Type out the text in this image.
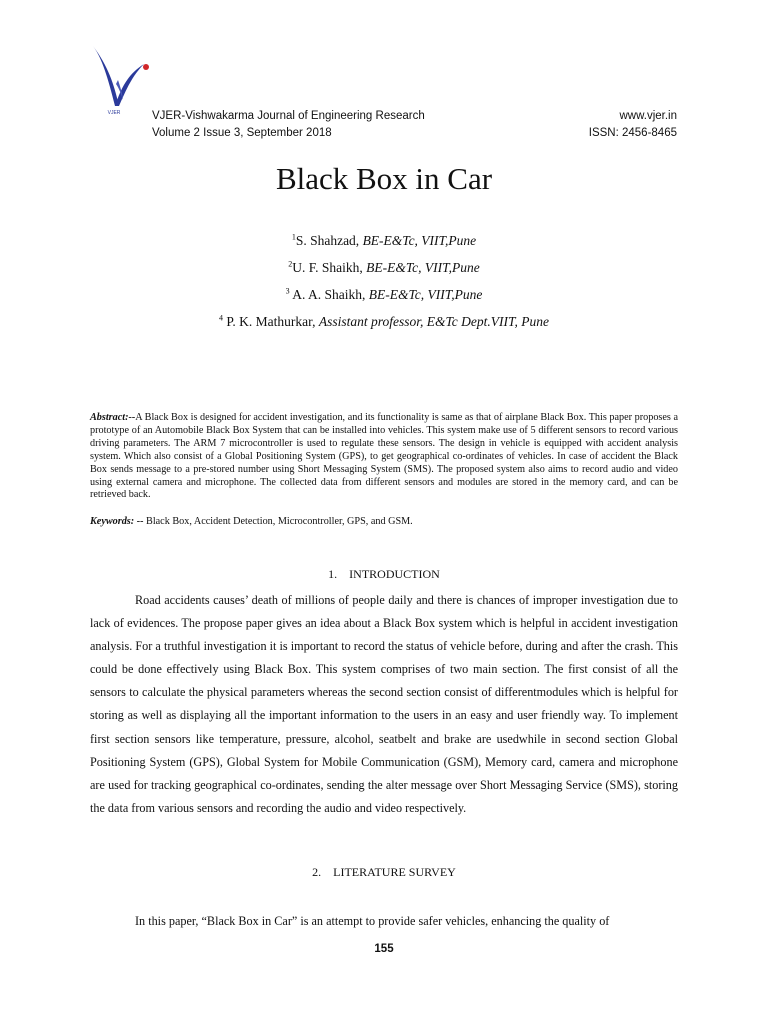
VJER	VJER-Vishwakarma Journal of Engineering Research
Volume 2 Issue 3, September 2018
www.vjer.in
ISSN: 2456-8465
Black Box in Car
$^1$S. Shahzad, BE-E&Tc, VIIT,Pune
$^2$U. F. Shaikh, BE-E&Tc, VIIT,Pune
$^3$ A. A. Shaikh, BE-E&Tc, VIIT,Pune
$^4$ P. K. Mathurkar, Assistant professor, E&Tc Dept.VIIT, Pune
Abstract:--A Black Box is designed for accident investigation, and its functionality is same as that of airplane Black Box. This paper proposes a prototype of an Automobile Black Box System that can be installed into vehicles. This system make use of 5 different sensors to record various driving parameters. The ARM 7 microcontroller is used to regulate these sensors. The design in vehicle is equipped with accident analysis system. Which also consist of a Global Positioning System (GPS), to get geographical co-ordinates of vehicles. In case of accident the Black Box sends message to a pre-stored number using Short Messaging System (SMS). The proposed system also aims to record audio and video using external camera and microphone. The collected data from different sensors and modules are stored in the memory card, and can be retrieved back.
Keywords: -- Black Box, Accident Detection, Microcontroller, GPS, and GSM.
1. INTRODUCTION
Road accidents causes’ death of millions of people daily and there is chances of improper investigation due to lack of evidences. The propose paper gives an idea about a Black Box system which is helpful in accident investigation analysis. For a truthful investigation it is important to record the status of vehicle before, during and after the crash. This could be done effectively using Black Box. This system comprises of two main section. The first consist of all the sensors to calculate the physical parameters whereas the second section consist of differentmodules which is helpful for storing as well as displaying all the important information to the users in an easy and user friendly way. To implement first section sensors like temperature, pressure, alcohol, seatbelt and brake are usedwhile in second section Global Positioning System (GPS), Global System for Mobile Communication (GSM), Memory card, camera and microphone are used for tracking geographical co-ordinates, sending the alter message over Short Messaging Service (SMS), storing the data from various sensors and recording the audio and video respectively.
2. LITERATURE SURVEY
In this paper, “Black Box in Car” is an attempt to provide safer vehicles, enhancing the quality of
155
